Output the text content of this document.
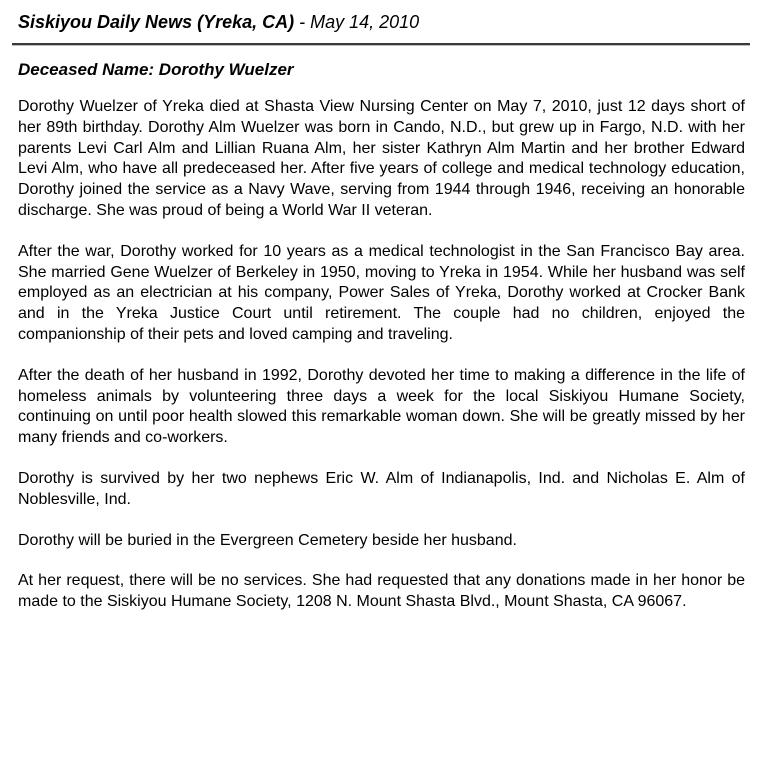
Siskiyou Daily News (Yreka, CA) - May 14, 2010
Deceased Name: Dorothy Wuelzer

Dorothy Wuelzer of Yreka died at Shasta View Nursing Center on May 7, 2010, just 12 days short of her 89th birthday. Dorothy Alm Wuelzer was born in Cando, N.D., but grew up in Fargo, N.D. with her parents Levi Carl Alm and Lillian Ruana Alm, her sister Kathryn Alm Martin and her brother Edward Levi Alm, who have all predeceased her. After five years of college and medical technology education, Dorothy joined the service as a Navy Wave, serving from 1944 through 1946, receiving an honorable discharge. She was proud of being a World War II veteran.

After the war, Dorothy worked for 10 years as a medical technologist in the San Francisco Bay area. She married Gene Wuelzer of Berkeley in 1950, moving to Yreka in 1954. While her husband was self employed as an electrician at his company, Power Sales of Yreka, Dorothy worked at Crocker Bank and in the Yreka Justice Court until retirement. The couple had no children, enjoyed the companionship of their pets and loved camping and traveling.

After the death of her husband in 1992, Dorothy devoted her time to making a difference in the life of homeless animals by volunteering three days a week for the local Siskiyou Humane Society, continuing on until poor health slowed this remarkable woman down. She will be greatly missed by her many friends and co-workers.

Dorothy is survived by her two nephews Eric W. Alm of Indianapolis, Ind. and Nicholas E. Alm of Noblesville, Ind.

Dorothy will be buried in the Evergreen Cemetery beside her husband.

At her request, there will be no services. She had requested that any donations made in her honor be made to the Siskiyou Humane Society, 1208 N. Mount Shasta Blvd., Mount Shasta, CA 96067.
